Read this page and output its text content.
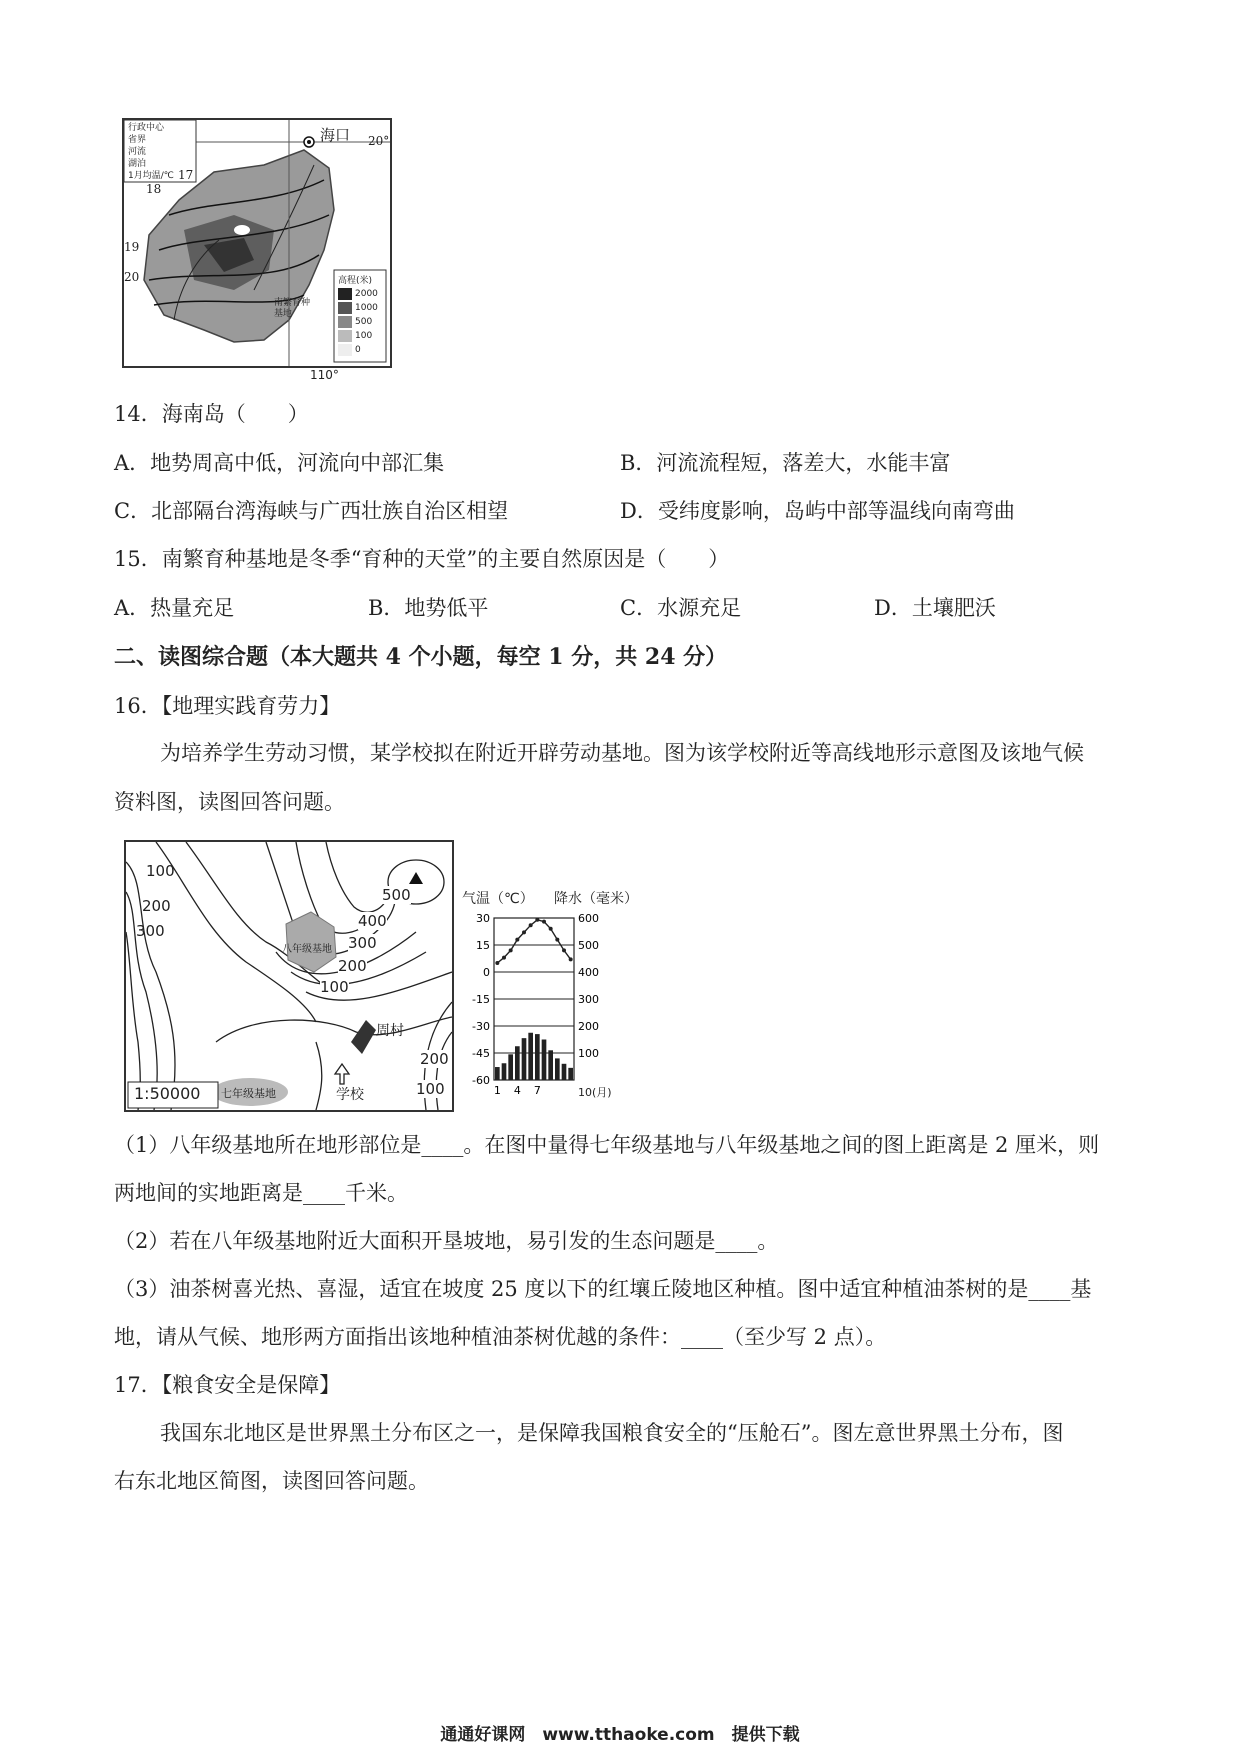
行政中心
省界
河流
湖泊
1月均温/℃
海口 20°
17
18
19
20
南繁育种基地
高程(米)
2000
1000
500
100
0
110°
14．海南岛（　　）
A．地势周高中低，河流向中部汇集	B．河流流程短，落差大，水能丰富
C．北部隔台湾海峡与广西壮族自治区相望	D．受纬度影响，岛屿中部等温线向南弯曲
15．南繁育种基地是冬季“育种的天堂”的主要自然原因是（　　）
A．热量充足	B．地势低平	C．水源充足	D．土壤肥沃
二、读图综合题（本大题共 4 个小题，每空 1 分，共 24 分）
16．【地理实践育劳力】
为培养学生劳动习惯，某学校拟在附近开辟劳动基地。图为该学校附近等高线地形示意图及该地气候
资料图，读图回答问题。
100
200
300
500
400
300
200
100
200
100
八年级基地
周村
学校
七年级基地
1:50000
气温（℃） 降水（毫米）
30
15
0
-15
-30
-45
-60
600
500
400
300
200
100
1 4 7	10(月)
（1）八年级基地所在地形部位是____。在图中量得七年级基地与八年级基地之间的图上距离是 2 厘米，则
两地间的实地距离是____千米。
（2）若在八年级基地附近大面积开垦坡地，易引发的生态问题是____。
（3）油茶树喜光热、喜湿，适宜在坡度 25 度以下的红壤丘陵地区种植。图中适宜种植油茶树的是____基
地，请从气候、地形两方面指出该地种植油茶树优越的条件：____（至少写 2 点）。
17．【粮食安全是保障】
我国东北地区是世界黑土分布区之一，是保障我国粮食安全的“压舱石”。图左意世界黑土分布，图
右东北地区简图，读图回答问题。
通通好课网　www.tthaoke.com　提供下载
